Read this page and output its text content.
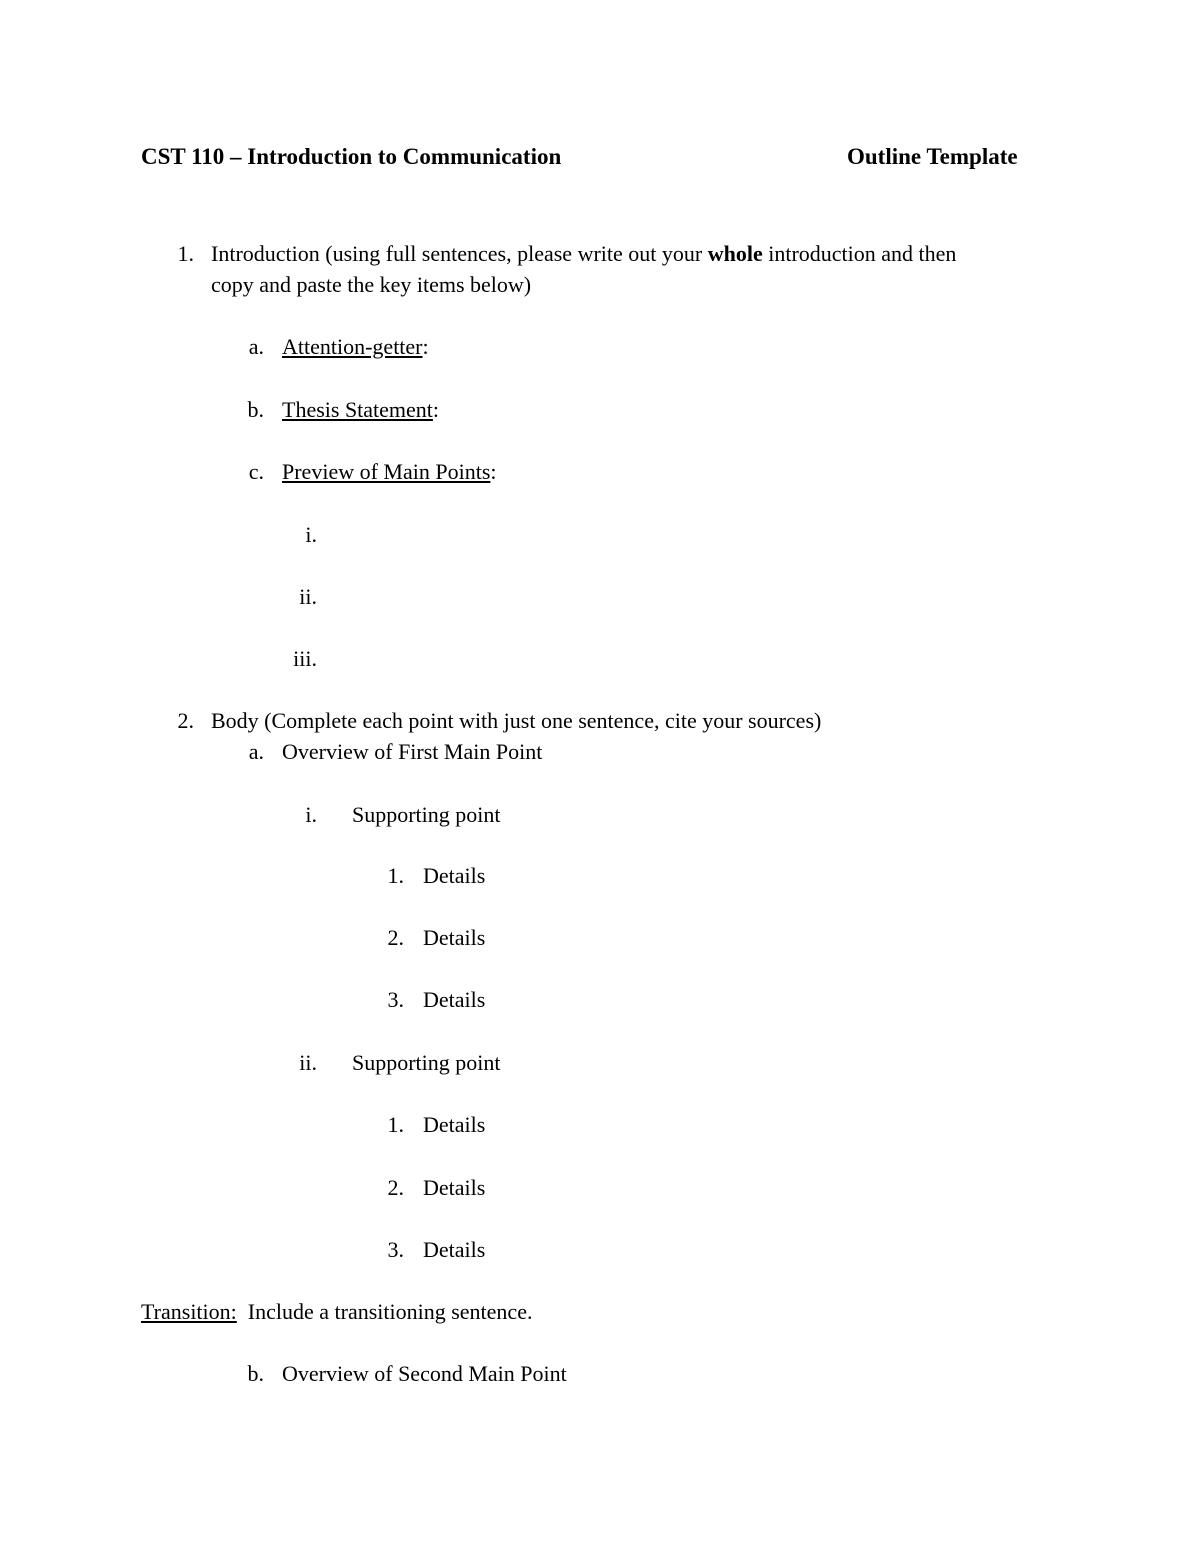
CST 110 – Introduction to Communication	Outline Template
1. Introduction (using full sentences, please write out your whole introduction and then
copy and paste the key items below)
a. Attention-getter:
b. Thesis Statement:
c. Preview of Main Points:
i.
ii.
iii.
2. Body (Complete each point with just one sentence, cite your sources)
a. Overview of First Main Point
i. Supporting point
1. Details
2. Details
3. Details
ii. Supporting point
1. Details
2. Details
3. Details
Transition: Include a transitioning sentence.
b. Overview of Second Main Point
